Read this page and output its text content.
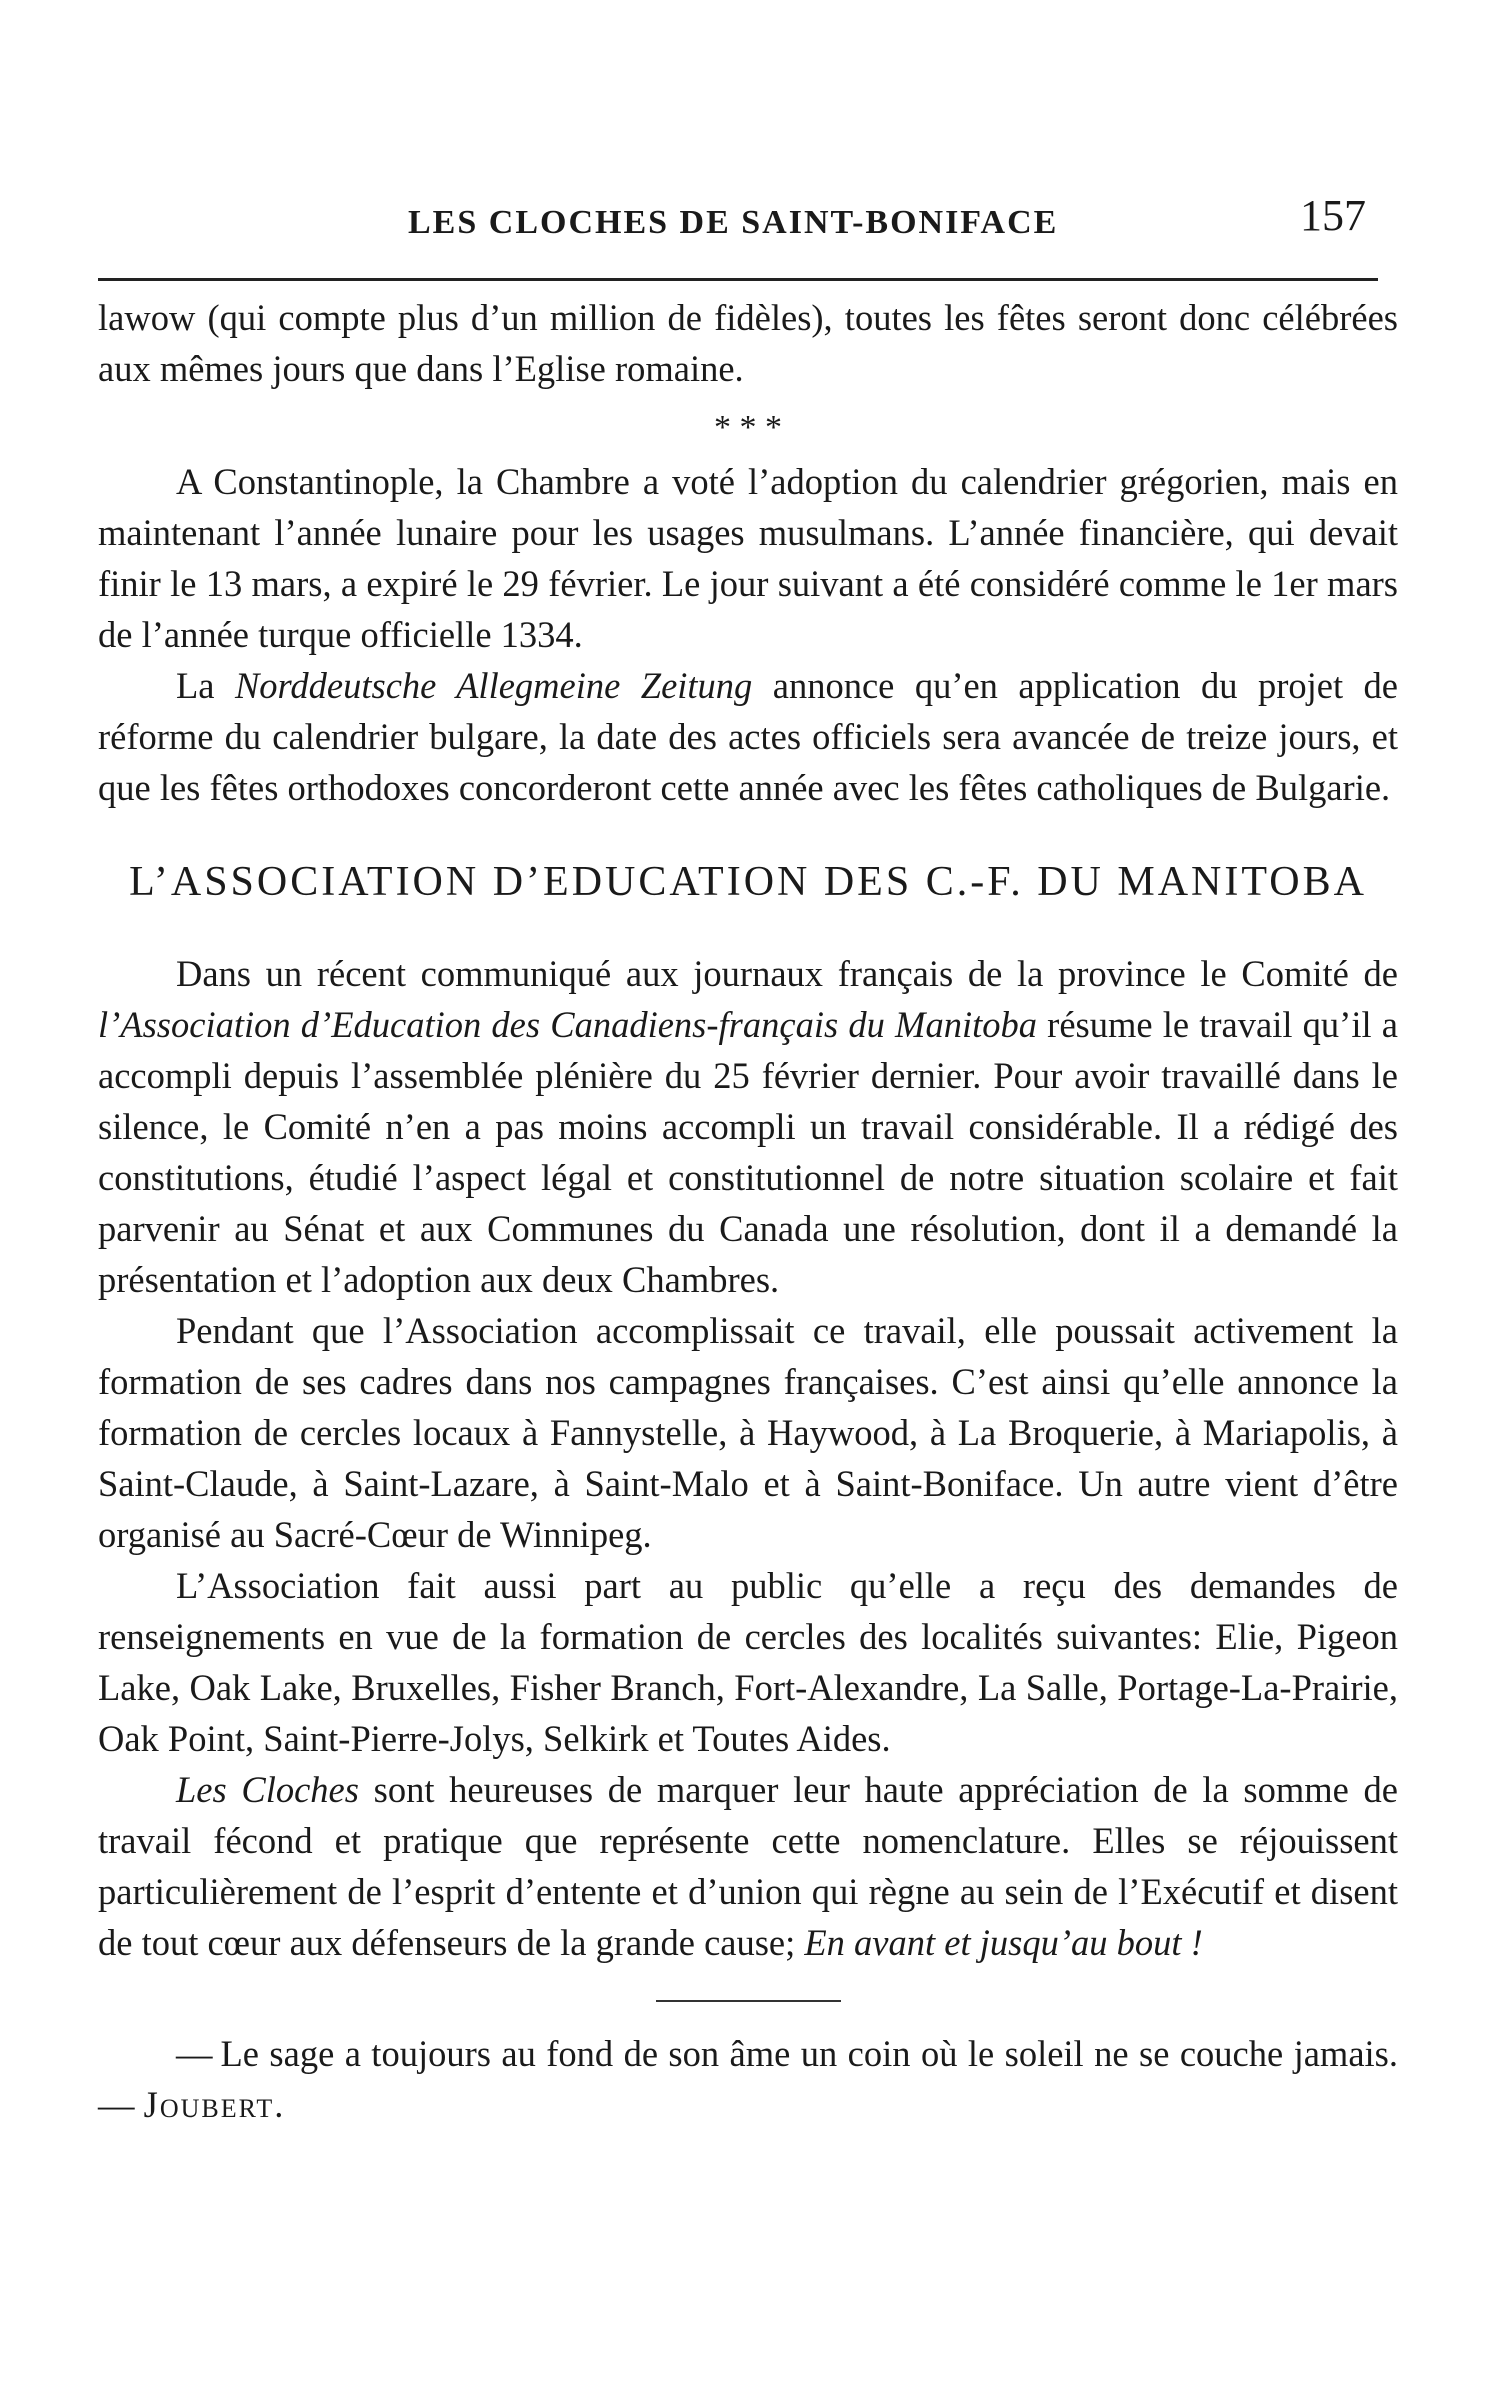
LES CLOCHES DE SAINT-BONIFACE	157

lawow (qui compte plus d’un million de fidèles), toutes les fêtes seront donc célébrées aux mêmes jours que dans l’Eglise romaine.

* * *

A Constantinople, la Chambre a voté l’adoption du calendrier grégorien, mais en maintenant l’année lunaire pour les usages musulmans. L’année financière, qui devait finir le 13 mars, a expiré le 29 février. Le jour suivant a été considéré comme le 1er mars de l’année turque officielle 1334.

La Norddeutsche Allegmeine Zeitung annonce qu’en application du projet de réforme du calendrier bulgare, la date des actes officiels sera avancée de treize jours, et que les fêtes orthodoxes concorderont cette année avec les fêtes catholiques de Bulgarie.

L’ASSOCIATION D’EDUCATION DES C.-F. DU MANITOBA

Dans un récent communiqué aux journaux français de la province le Comité de l’Association d’Education des Canadiens-français du Manitoba résume le travail qu’il a accompli depuis l’assemblée plénière du 25 février dernier. Pour avoir travaillé dans le silence, le Comité n’en a pas moins accompli un travail considérable. Il a rédigé des constitutions, étudié l’aspect légal et constitutionnel de notre situation scolaire et fait parvenir au Sénat et aux Communes du Canada une résolution, dont il a demandé la présentation et l’adoption aux deux Chambres.

Pendant que l’Association accomplissait ce travail, elle poussait activement la formation de ses cadres dans nos campagnes françaises. C’est ainsi qu’elle annonce la formation de cercles locaux à Fannystelle, à Haywood, à La Broquerie, à Mariapolis, à Saint-Claude, à Saint-Lazare, à Saint-Malo et à Saint-Boniface. Un autre vient d’être organisé au Sacré-Cœur de Winnipeg.

L’Association fait aussi part au public qu’elle a reçu des demandes de renseignements en vue de la formation de cercles des localités suivantes: Elie, Pigeon Lake, Oak Lake, Bruxelles, Fisher Branch, Fort-Alexandre, La Salle, Portage-La-Prairie, Oak Point, Saint-Pierre-Jolys, Selkirk et Toutes Aides.

Les Cloches sont heureuses de marquer leur haute appréciation de la somme de travail fécond et pratique que représente cette nomenclature. Elles se réjouissent particulièrement de l’esprit d’entente et d’union qui règne au sein de l’Exécutif et disent de tout cœur aux défenseurs de la grande cause; En avant et jusqu’au bout !

— Le sage a toujours au fond de son âme un coin où le soleil ne se couche jamais. — Joubert.
